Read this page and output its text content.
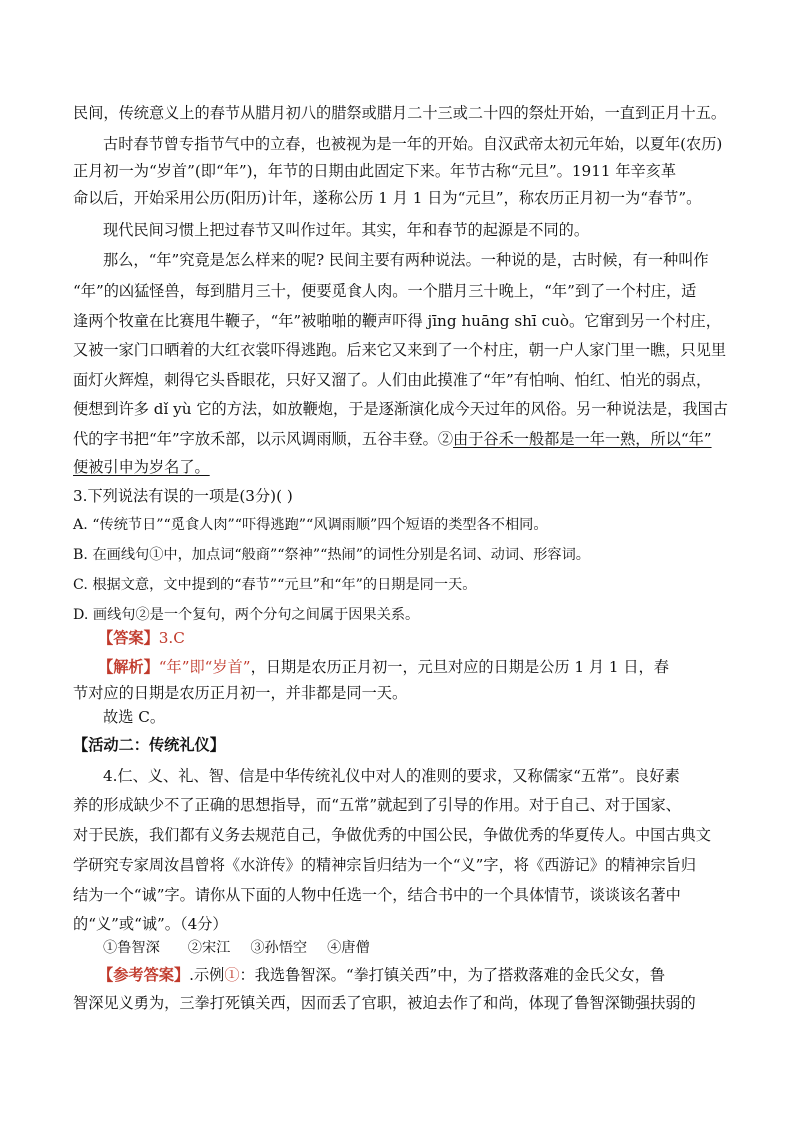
民间，传统意义上的春节从腊月初八的腊祭或腊月二十三或二十四的祭灶开始，一直到正月十五。
古时春节曾专指节气中的立春，也被视为是一年的开始。自汉武帝太初元年始，以夏年(农历)
正月初一为“岁首”(即“年”)，年节的日期由此固定下来。年节古称“元旦”。1911 年辛亥革
命以后，开始采用公历(阳历)计年，遂称公历 1 月 1 日为“元旦”，称农历正月初一为“春节”。
现代民间习惯上把过春节又叫作过年。其实，年和春节的起源是不同的。
那么，“年”究竟是怎么样来的呢? 民间主要有两种说法。一种说的是，古时候，有一种叫作
“年”的凶猛怪兽，每到腊月三十，便要觅食人肉。一个腊月三十晚上，“年”到了一个村庄，适
逢两个牧童在比赛甩牛鞭子，“年”被啪啪的鞭声吓得 jīng huāng shī cuò。它窜到另一个村庄，
又被一家门口晒着的大红衣裳吓得逃跑。后来它又来到了一个村庄，朝一户人家门里一瞧，只见里
面灯火辉煌，刺得它头昏眼花，只好又溜了。人们由此摸准了“年”有怕响、怕红、怕光的弱点，
便想到许多 dǐ yù 它的方法，如放鞭炮，于是逐渐演化成今天过年的风俗。另一种说法是，我国古
代的字书把“年”字放禾部，以示风调雨顺，五谷丰登。②由于谷禾一般都是一年一熟，所以“年”
便被引申为岁名了。
3.下列说法有误的一项是(3分)( )
A. “传统节日”“觅食人肉”“吓得逃跑”“风调雨顺”四个短语的类型各不相同。
B. 在画线句①中，加点词“般商”“祭神”“热闹”的词性分别是名词、动词、形容词。
C. 根据文意，文中提到的“春节”“元旦”和“年”的日期是同一天。
D. 画线句②是一个复句，两个分句之间属于因果关系。
【答案】3.C
【解析】“年”即“岁首”，日期是农历正月初一，元旦对应的日期是公历 1 月 1 日，春
节对应的日期是农历正月初一，并非都是同一天。
故选 C。
【活动二：传统礼仪】
4.仁、义、礼、智、信是中华传统礼仪中对人的准则的要求，又称儒家“五常”。良好素
养的形成缺少不了正确的思想指导，而“五常”就起到了引导的作用。对于自己、对于国家、
对于民族，我们都有义务去规范自己，争做优秀的中国公民，争做优秀的华夏传人。中国古典文
学研究专家周汝昌曾将《水浒传》的精神宗旨归结为一个“义”字，将《西游记》的精神宗旨归
结为一个“诚”字。请你从下面的人物中任选一个，结合书中的一个具体情节，谈谈该名著中
的“义”或“诚”。（4分）
①鲁智深 ②宋江 ③孙悟空 ④唐僧
【参考答案】.示例①：我选鲁智深。“拳打镇关西”中，为了搭救落难的金氏父女，鲁
智深见义勇为，三拳打死镇关西，因而丢了官职，被迫去作了和尚，体现了鲁智深锄强扶弱的
